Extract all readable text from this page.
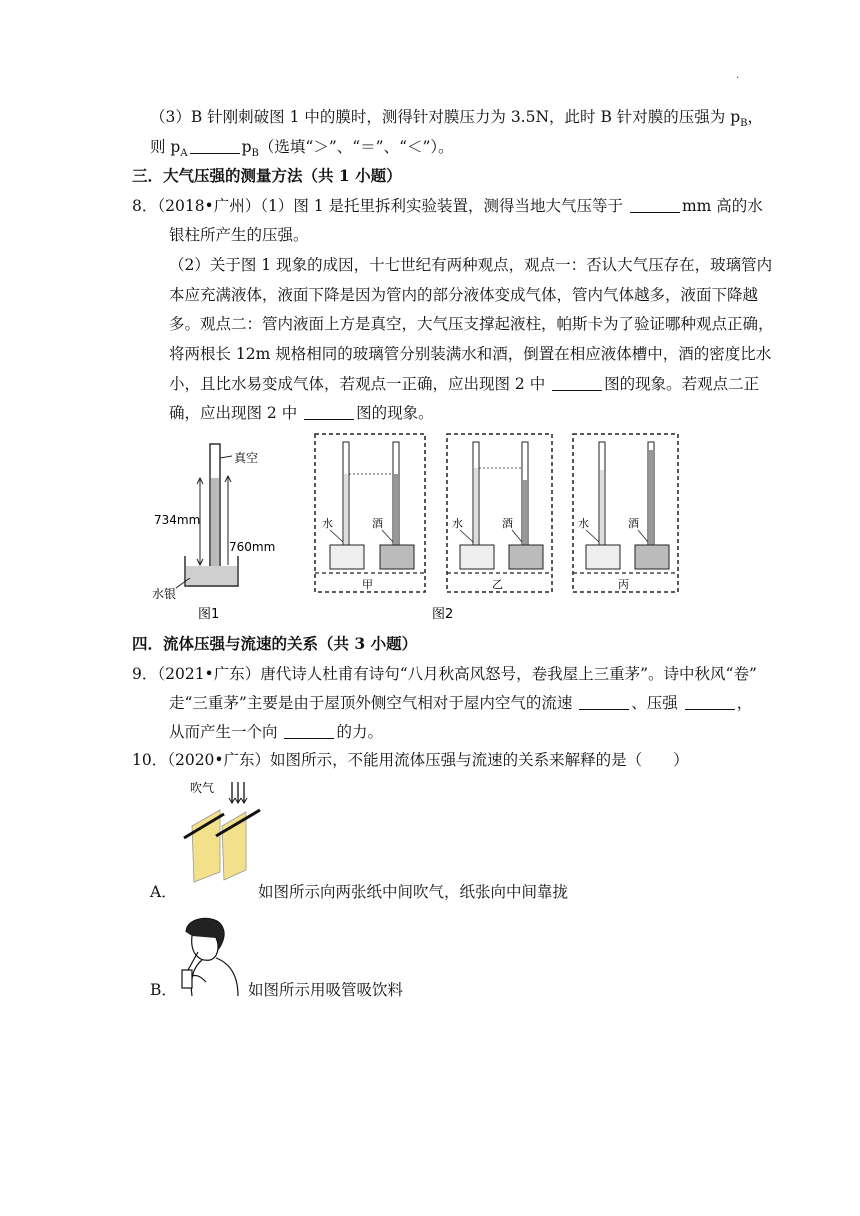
.
（3）B 针刚刺破图 1 中的膜时，测得针对膜压力为 3.5N，此时 B 针对膜的压强为 $p_B$，
则 $p_A$	$p_B$（选填“＞”、“＝”、“＜”）。
三．大气压强的测量方法（共 1 小题）
8．（2018•广州）（1）图 1 是托里拆利实验装置，测得当地大气压等于	mm 高的水
银柱所产生的压强。
（2）关于图 1 现象的成因，十七世纪有两种观点，观点一：否认大气压存在，玻璃管内
本应充满液体，液面下降是因为管内的部分液体变成气体，管内气体越多，液面下降越
多。观点二：管内液面上方是真空，大气压支撑起液柱，帕斯卡为了验证哪种观点正确，
将两根长 12m 规格相同的玻璃管分别装满水和酒，倒置在相应液体槽中，酒的密度比水
小，且比水易变成气体，若观点一正确，应出现图 2 中	图的现象。若观点二正
确，应出现图 2 中	图的现象。
真空
734mm
760mm
水银
图1
水	酒
甲
水	酒
乙
水	酒
丙
图2
四．流体压强与流速的关系（共 3 小题）
9．（2021•广东）唐代诗人杜甫有诗句“八月秋高风怒号，卷我屋上三重茅”。诗中秋风“卷”
走“三重茅”主要是由于屋顶外侧空气相对于屋内空气的流速	、压强	，
从而产生一个向	的力。
10．（2020•广东）如图所示，不能用流体压强与流速的关系来解释的是（　　）
吹气
A．	如图所示向两张纸中间吹气，纸张向中间靠拢
B．	如图所示用吸管吸饮料
